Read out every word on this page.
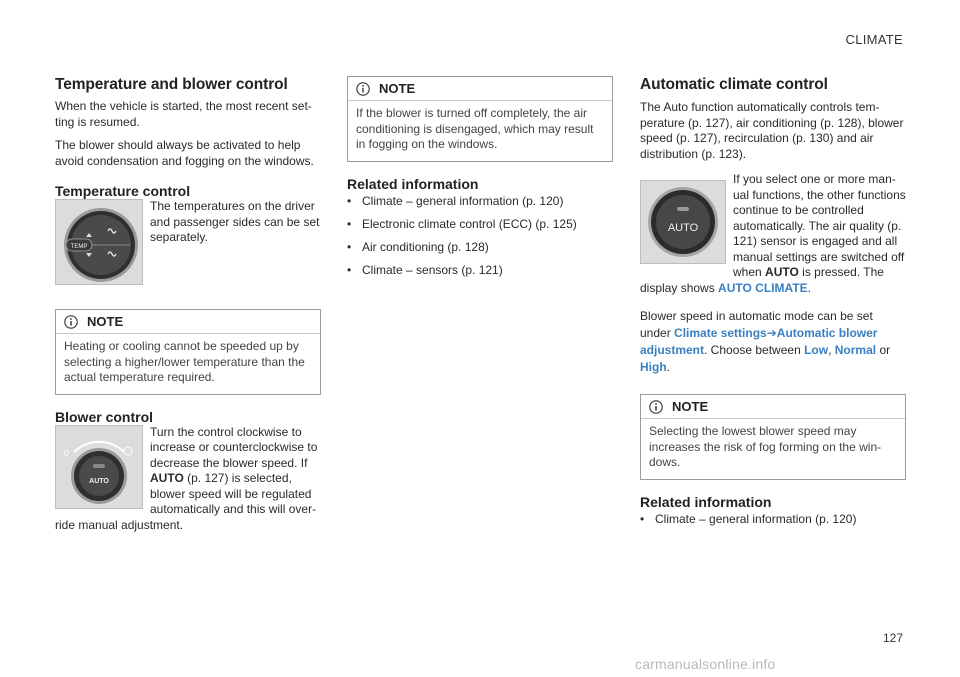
CLIMATE
Temperature and blower control

When the vehicle is started, the most recent setting is resumed.

The blower should always be activated to help avoid condensation and fogging on the windows.

Temperature control
TEMP

The temperatures on the driver and passenger sides can be set separately.

NOTE
Heating or cooling cannot be speeded up by selecting a higher/lower temperature than the actual temperature required.
Blower control
0
AUTO

Turn the control clockwise to increase or counterclockwise to decrease the blower speed. If AUTO (p. 127) is selected, blower speed will be regulated automatically and this will override manual adjustment.

NOTE
If the blower is turned off completely, the air conditioning is disengaged, which may result in fogging on the windows.
Related information
• Climate – general information (p. 120)
• Electronic climate control (ECC) (p. 125)
• Air conditioning (p. 128)
• Climate – sensors (p. 121)
Automatic climate control

The Auto function automatically controls temperature (p. 127), air conditioning (p. 128), blower speed (p. 127), recirculation (p. 130) and air distribution (p. 123).

AUTO

If you select one or more manual functions, the other functions continue to be controlled automatically. The air quality (p. 121) sensor is engaged and all manual settings are switched off when AUTO is pressed. The display shows AUTO CLIMATE.

Blower speed in automatic mode can be set under Climate settings➔Automatic blower adjustment. Choose between Low, Normal or High.

NOTE
Selecting the lowest blower speed may increases the risk of fog forming on the windows.
Related information
• Climate – general information (p. 120)
127
carmanualsonline.info
